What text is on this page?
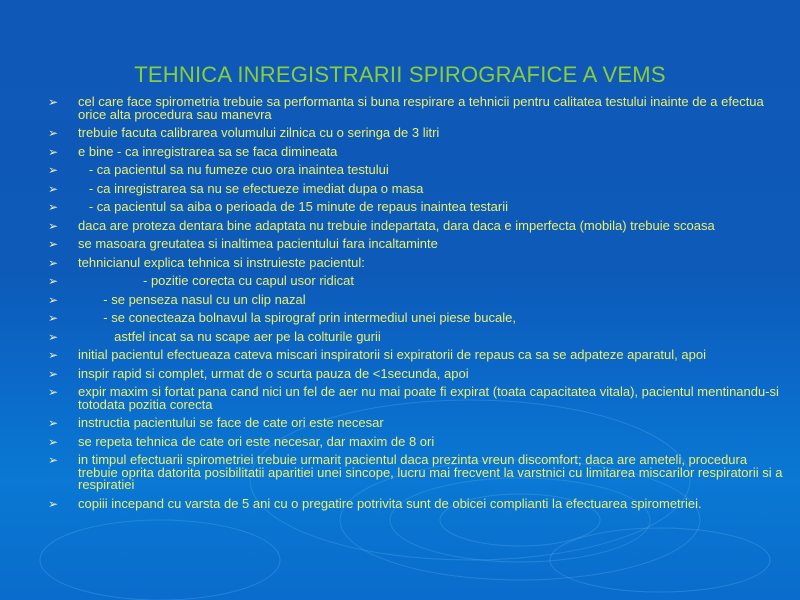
TEHNICA INREGISTRARII SPIROGRAFICE A VEMS
➢ cel care face spirometria trebuie sa performanta si buna respirare a tehnicii pentru calitatea testului inainte de a efectua orice alta procedura sau manevra
➢ trebuie facuta calibrarea volumului zilnica cu o seringa de 3 litri
➢ e bine - ca inregistrarea sa se faca dimineata
➢ - ca pacientul sa nu fumeze cuo ora inaintea testului
➢ - ca inregistrarea sa nu se efectueze imediat dupa o masa
➢ - ca pacientul sa aiba o perioada de 15 minute de repaus inaintea testarii
➢ daca are proteza dentara bine adaptata nu trebuie indepartata, dara daca e imperfecta (mobila) trebuie scoasa
➢ se masoara greutatea si inaltimea pacientului fara incaltaminte
➢ tehnicianul explica tehnica si instruieste pacientul:
➢ - pozitie corecta cu capul usor ridicat
➢ - se penseza nasul cu un clip nazal
➢ - se conecteaza bolnavul la spirograf prin intermediul unei piese bucale,
➢ astfel incat sa nu scape aer pe la colturile gurii
➢ initial pacientul efectueaza cateva miscari inspiratorii si expiratorii de repaus ca sa se adpateze aparatul, apoi
➢ inspir rapid si complet, urmat de o scurta pauza de <1secunda, apoi
➢ expir maxim si fortat pana cand nici un fel de aer nu mai poate fi expirat (toata capacitatea vitala), pacientul mentinandu-si totodata pozitia corecta
➢ instructia pacientului se face de cate ori este necesar
➢ se repeta tehnica de cate ori este necesar, dar maxim de 8 ori
➢ in timpul efectuarii spirometriei trebuie urmarit pacientul daca prezinta vreun discomfort; daca are ameteli, procedura trebuie oprita datorita posibilitatii aparitiei unei sincope, lucru mai frecvent la varstnici cu limitarea miscarilor respiratorii si a respiratiei
➢ copiii incepand cu varsta de 5 ani cu o pregatire potrivita sunt de obicei complianti la efectuarea spirometriei.
